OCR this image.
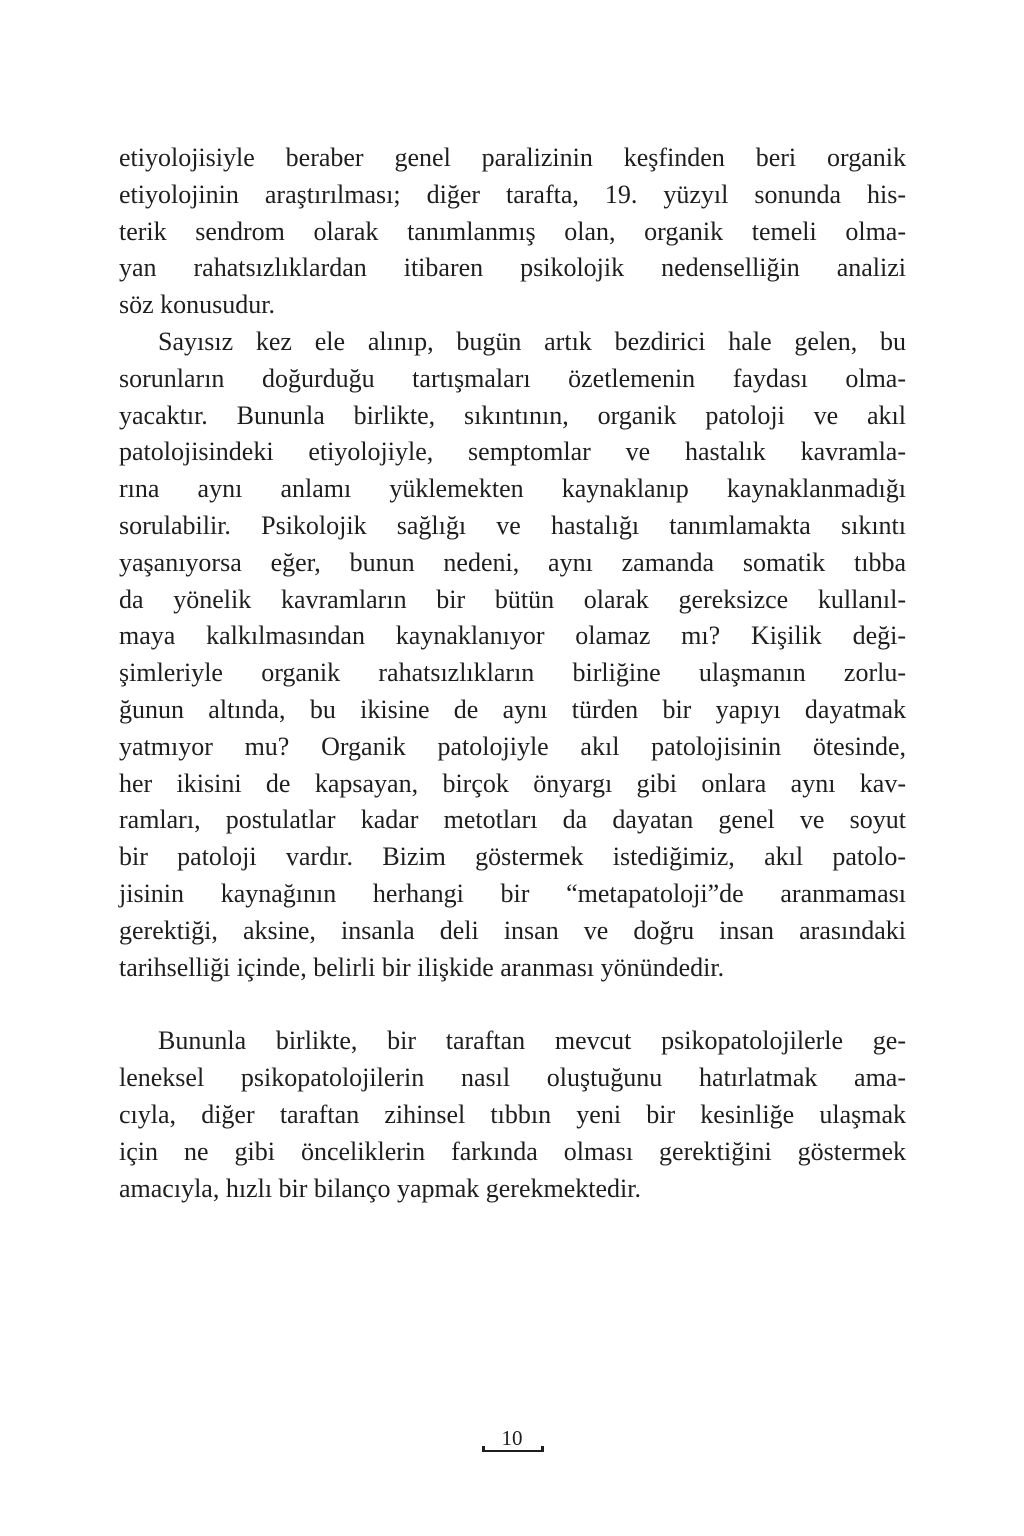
etiyolojisiyle beraber genel paralizinin keşfinden beri organik
etiyolojinin araştırılması; diğer tarafta, 19. yüzyıl sonunda his-
terik sendrom olarak tanımlanmış olan, organik temeli olma-
yan rahatsızlıklardan itibaren psikolojik nedenselliğin analizi
söz konusudur.
Sayısız kez ele alınıp, bugün artık bezdirici hale gelen, bu
sorunların doğurduğu tartışmaları özetlemenin faydası olma-
yacaktır. Bununla birlikte, sıkıntının, organik patoloji ve akıl
patolojisindeki etiyolojiyle, semptomlar ve hastalık kavramla-
rına aynı anlamı yüklemekten kaynaklanıp kaynaklanmadığı
sorulabilir. Psikolojik sağlığı ve hastalığı tanımlamakta sıkıntı
yaşanıyorsa eğer, bunun nedeni, aynı zamanda somatik tıbba
da yönelik kavramların bir bütün olarak gereksizce kullanıl-
maya kalkılmasından kaynaklanıyor olamaz mı? Kişilik deği-
şimleriyle organik rahatsızlıkların birliğine ulaşmanın zorlu-
ğunun altında, bu ikisine de aynı türden bir yapıyı dayatmak
yatmıyor mu? Organik patolojiyle akıl patolojisinin ötesinde,
her ikisini de kapsayan, birçok önyargı gibi onlara aynı kav-
ramları, postulatlar kadar metotları da dayatan genel ve soyut
bir patoloji vardır. Bizim göstermek istediğimiz, akıl patolo-
jisinin kaynağının herhangi bir “metapatoloji”de aranmaması
gerektiği, aksine, insanla deli insan ve doğru insan arasındaki
tarihselliği içinde, belirli bir ilişkide aranması yönündedir.
Bununla birlikte, bir taraftan mevcut psikopatolojilerle ge-
leneksel psikopatolojilerin nasıl oluştuğunu hatırlatmak ama-
cıyla, diğer taraftan zihinsel tıbbın yeni bir kesinliğe ulaşmak
için ne gibi önceliklerin farkında olması gerektiğini göstermek
amacıyla, hızlı bir bilanço yapmak gerekmektedir.
10
